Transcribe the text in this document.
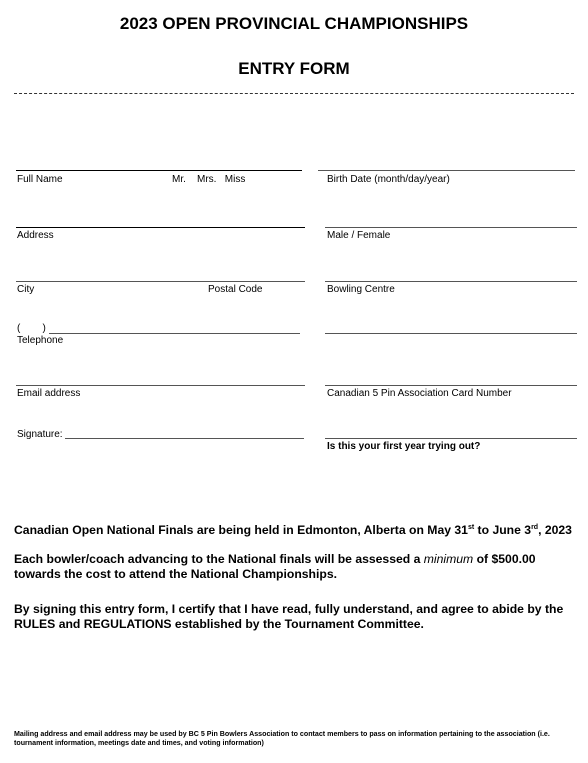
2023 OPEN PROVINCIAL CHAMPIONSHIPS
ENTRY FORM
Full Name	Mr.    Mrs.   Miss	Birth Date (month/day/year)
Address	Male / Female
City	Postal Code	Bowling Centre
(        )
Telephone
Email address	Canadian 5 Pin Association Card Number
Signature:
Is this your first year trying out?
Canadian Open National Finals are being held in Edmonton, Alberta on May 31st to June 3rd, 2023
Each bowler/coach advancing to the National finals will be assessed a minimum of $500.00 towards the cost to attend the National Championships.
By signing this entry form, I certify that I have read, fully understand, and agree to abide by the RULES and REGULATIONS established by the Tournament Committee.
Mailing address and email address may be used by BC 5 Pin Bowlers Association to contact members to pass on information pertaining to the association (i.e. tournament information, meetings date and times, and voting information)
